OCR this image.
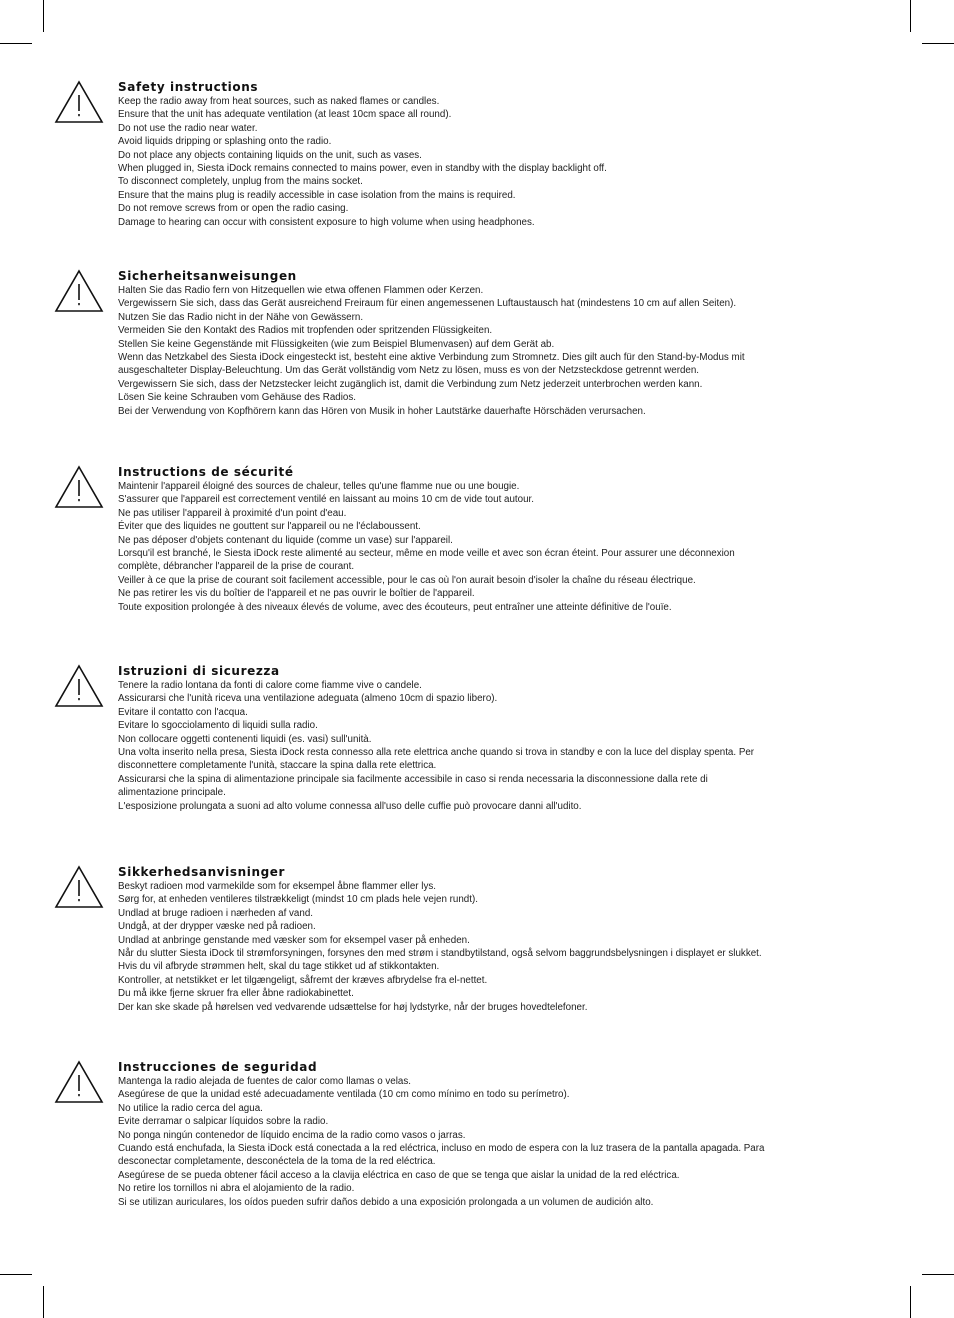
Safety instructions
Keep the radio away from heat sources, such as naked flames or candles.
Ensure that the unit has adequate ventilation (at least 10cm space all round).
Do not use the radio near water.
Avoid liquids dripping or splashing onto the radio.
Do not place any objects containing liquids on the unit, such as vases.
When plugged in, Siesta iDock remains connected to mains power, even in standby with the display backlight off.
To disconnect completely, unplug from the mains socket.
Ensure that the mains plug is readily accessible in case isolation from the mains is required.
Do not remove screws from or open the radio casing.
Damage to hearing can occur with consistent exposure to high volume when using headphones.
Sicherheitsanweisungen
Halten Sie das Radio fern von Hitzequellen wie etwa offenen Flammen oder Kerzen.
Vergewissern Sie sich, dass das Gerät ausreichend Freiraum für einen angemessenen Luftaustausch hat (mindestens 10 cm auf allen Seiten).
Nutzen Sie das Radio nicht in der Nähe von Gewässern.
Vermeiden Sie den Kontakt des Radios mit tropfenden oder spritzenden Flüssigkeiten.
Stellen Sie keine Gegenstände mit Flüssigkeiten (wie zum Beispiel Blumenvasen) auf dem Gerät ab.
Wenn das Netzkabel des Siesta iDock eingesteckt ist, besteht eine aktive Verbindung zum Stromnetz. Dies gilt auch für den Stand-by-Modus mit
ausgeschalteter Display-Beleuchtung. Um das Gerät vollständig vom Netz zu lösen, muss es von der Netzsteckdose getrennt werden.
Vergewissern Sie sich, dass der Netzstecker leicht zugänglich ist, damit die Verbindung zum Netz jederzeit unterbrochen werden kann.
Lösen Sie keine Schrauben vom Gehäuse des Radios.
Bei der Verwendung von Kopfhörern kann das Hören von Musik in hoher Lautstärke dauerhafte Hörschäden verursachen.
Instructions de sécurité
Maintenir l'appareil éloigné des sources de chaleur, telles qu'une flamme nue ou une bougie.
S'assurer que l'appareil est correctement ventilé en laissant au moins 10 cm de vide tout autour.
Ne pas utiliser l'appareil à proximité d'un point d'eau.
Éviter que des liquides ne gouttent sur l'appareil ou ne l'éclaboussent.
Ne pas déposer d'objets contenant du liquide (comme un vase) sur l'appareil.
Lorsqu'il est branché, le Siesta iDock reste alimenté au secteur, même en mode veille et avec son écran éteint. Pour assurer une déconnexion
complète, débrancher l'appareil de la prise de courant.
Veiller à ce que la prise de courant soit facilement accessible, pour le cas où l'on aurait besoin d'isoler la chaîne du réseau électrique.
Ne pas retirer les vis du boîtier de l'appareil et ne pas ouvrir le boîtier de l'appareil.
Toute exposition prolongée à des niveaux élevés de volume, avec des écouteurs, peut entraîner une atteinte définitive de l'ouïe.
Istruzioni di sicurezza
Tenere la radio lontana da fonti di calore come fiamme vive o candele.
Assicurarsi che l'unità riceva una ventilazione adeguata (almeno 10cm di spazio libero).
Evitare il contatto con l'acqua.
Evitare lo sgocciolamento di liquidi sulla radio.
Non collocare oggetti contenenti liquidi (es. vasi) sull'unità.
Una volta inserito nella presa, Siesta iDock resta connesso alla rete elettrica anche quando si trova in standby e con la luce del display spenta. Per
disconnettere completamente l'unità, staccare la spina dalla rete elettrica.
Assicurarsi che la spina di alimentazione principale sia facilmente accessibile in caso si renda necessaria la disconnessione dalla rete di
alimentazione principale.
L'esposizione prolungata a suoni ad alto volume connessa all'uso delle cuffie può provocare danni all'udito.
Sikkerhedsanvisninger
Beskyt radioen mod varmekilde som for eksempel åbne flammer eller lys.
Sørg for, at enheden ventileres tilstrækkeligt (mindst 10 cm plads hele vejen rundt).
Undlad at bruge radioen i nærheden af vand.
Undgå, at der drypper væske ned på radioen.
Undlad at anbringe genstande med væsker som for eksempel vaser på enheden.
Når du slutter Siesta iDock til strømforsyningen, forsynes den med strøm i standbytilstand, også selvom baggrundsbelysningen i displayet er slukket.
Hvis du vil afbryde strømmen helt, skal du tage stikket ud af stikkontakten.
Kontroller, at netstikket er let tilgængeligt, såfremt der kræves afbrydelse fra el-nettet.
Du må ikke fjerne skruer fra eller åbne radiokabinettet.
Der kan ske skade på hørelsen ved vedvarende udsættelse for høj lydstyrke, når der bruges hovedtelefoner.
Instrucciones de seguridad
Mantenga la radio alejada de fuentes de calor como llamas o velas.
Asegúrese de que la unidad esté adecuadamente ventilada (10 cm como mínimo en todo su perímetro).
No utilice la radio cerca del agua.
Evite derramar o salpicar líquidos sobre la radio.
No ponga ningún contenedor de líquido encima de la radio como vasos o jarras.
Cuando está enchufada, la Siesta iDock está conectada a la red eléctrica, incluso en modo de espera con la luz trasera de la pantalla apagada. Para
desconectar completamente, desconéctela de la toma de la red eléctrica.
Asegúrese de se pueda obtener fácil acceso a la clavija eléctrica en caso de que se tenga que aislar la unidad de la red eléctrica.
No retire los tornillos ni abra el alojamiento de la radio.
Si se utilizan auriculares, los oídos pueden sufrir daños debido a una exposición prolongada a un volumen de audición alto.
